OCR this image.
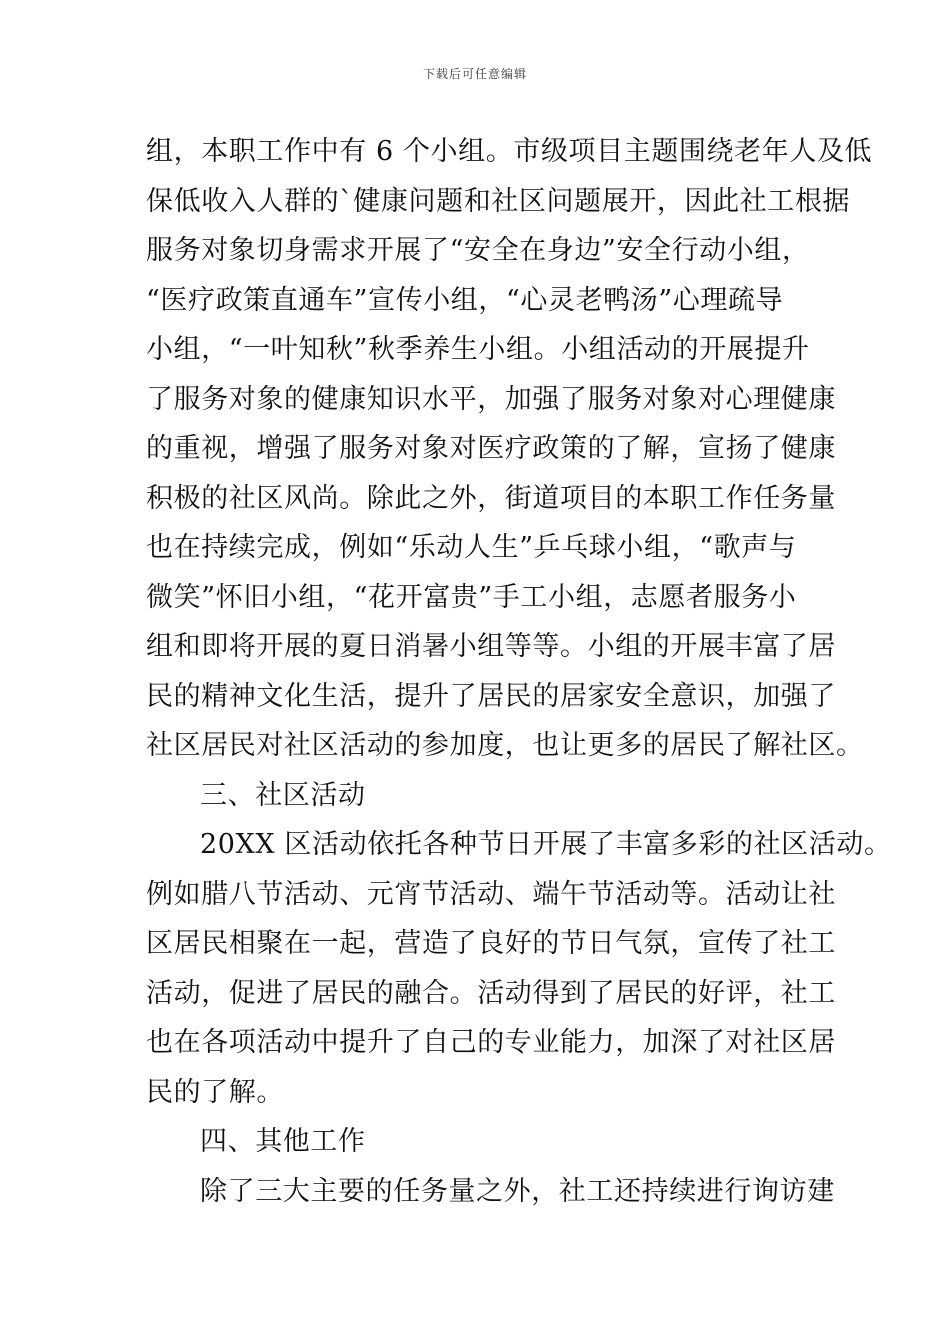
下载后可任意编辑
组，本职工作中有 6 个小组。市级项目主题围绕老年人及低
保低收入人群的`健康问题和社区问题展开，因此社工根据
服务对象切身需求开展了“安全在身边”安全行动小组，
“医疗政策直通车”宣传小组，“心灵老鸭汤”心理疏导
小组，“一叶知秋”秋季养生小组。小组活动的开展提升
了服务对象的健康知识水平，加强了服务对象对心理健康
的重视，增强了服务对象对医疗政策的了解，宣扬了健康
积极的社区风尚。除此之外，街道项目的本职工作任务量
也在持续完成，例如“乐动人生”乒乓球小组，“歌声与
微笑”怀旧小组，“花开富贵”手工小组，志愿者服务小
组和即将开展的夏日消暑小组等等。小组的开展丰富了居
民的精神文化生活，提升了居民的居家安全意识，加强了
社区居民对社区活动的参加度，也让更多的居民了解社区。
三、社区活动
20XX 区活动依托各种节日开展了丰富多彩的社区活动。
例如腊八节活动、元宵节活动、端午节活动等。活动让社
区居民相聚在一起，营造了良好的节日气氛，宣传了社工
活动，促进了居民的融合。活动得到了居民的好评，社工
也在各项活动中提升了自己的专业能力，加深了对社区居
民的了解。
四、其他工作
除了三大主要的任务量之外，社工还持续进行询访建
